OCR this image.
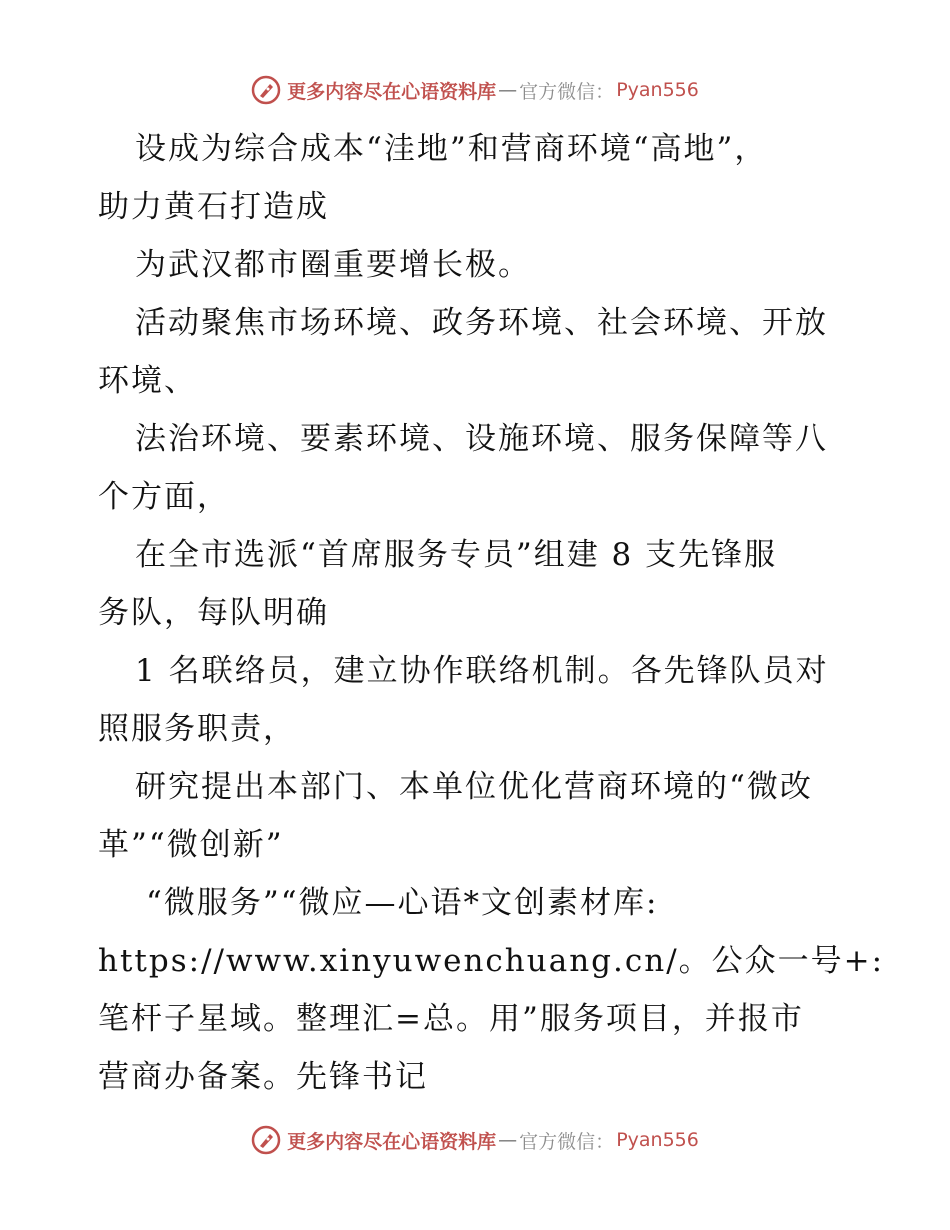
更多内容尽在心语资料库 — 官方微信： Pyan556
设成为综合成本“洼地”和营商环境“高地”，
助力黄石打造成
为武汉都市圈重要增长极。
活动聚焦市场环境、政务环境、社会环境、开放
环境、
法治环境、要素环境、设施环境、服务保障等八
个方面，
在全市选派“首席服务专员”组建 8 支先锋服
务队，每队明确
1 名联络员，建立协作联络机制。各先锋队员对
照服务职责，
研究提出本部门、本单位优化营商环境的“微改
革”“微创新”
“微服务”“微应—心语*文创素材库:
https://www.xinyuwenchuang.cn/。公众一号+:
笔杆子星域。整理汇=总。用”服务项目，并报市
营商办备案。先锋书记
更多内容尽在心语资料库 — 官方微信： Pyan556
